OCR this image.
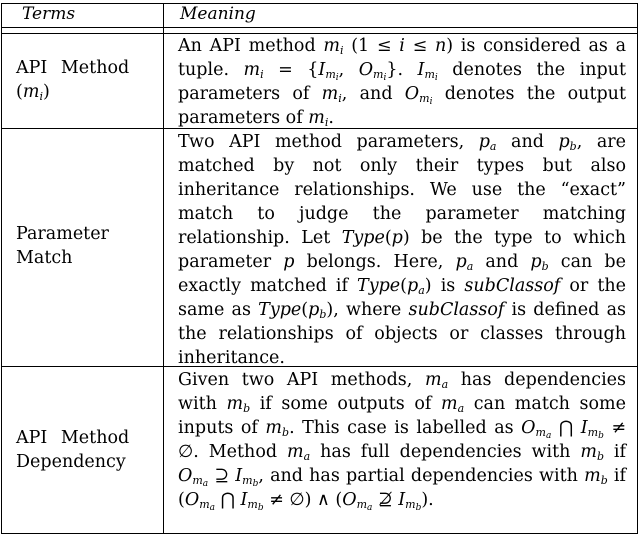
Terms	Meaning
API Method
$(m_i)$

An API method $m_i$ (1 ≤ i ≤ n) is considered as a tuple. $m_i = \{I_{m_i}$, $O_{m_i}$}. $I_{m_i}$ denotes the input parameters of $m_i$, and $O_{m_i}$ denotes the output parameters of $m_i$.

Parameter
Match

Two API method parameters, $p_a$ and $p_b$, are matched by not only their types but also inheritance relationships. We use the “exact” match to judge the parameter matching relationship. Let Type(p) be the type to which parameter p belongs. Here, $p_a$ and $p_b$ can be exactly matched if $Type(p_a)$ is subClassof or the same as $Type(p_b)$, where subClassof is defined as the relationships of objects or classes through inheritance.

API Method
Dependency

Given two API methods, $m_a$ has dependencies with $m_b$ if some outputs of $m_a$ can match some inputs of $m_b$. This case is labelled as $O_{m_a}$ ⋂ $I_{m_b}$ ≠ ∅. Method $m_a$ has full dependencies with $m_b$ if $O_{m_a}$ ⊇ $I_{m_b}$, and has partial dependencies with $m_b$ if ($O_{m_a}$ ⋂ $I_{m_b}$ ≠ ∅) ∧ ($O_{m_a}$ ⊉ $I_{m_b}$).
